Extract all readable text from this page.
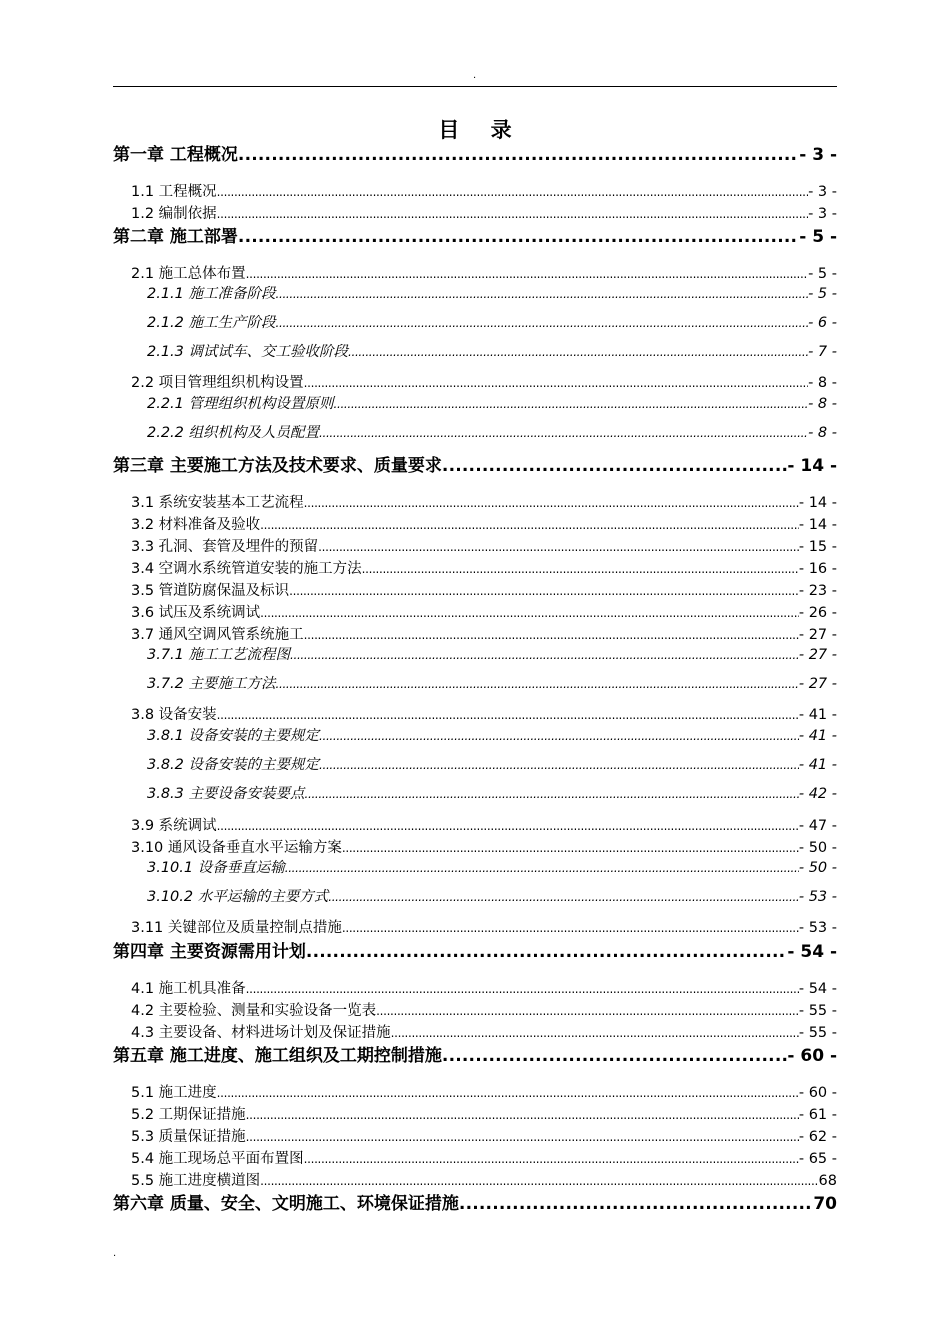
.
目 录
第一章 工程概况 .....	- 3 -
1.1 工程概况 .....	- 3 -
1.2 编制依据 .....	- 3 -
第二章 施工部署 .....	- 5 -
2.1 施工总体布置 .....	- 5 -
2.1.1 施工准备阶段 .....	- 5 -
2.1.2 施工生产阶段 .....	- 6 -
2.1.3 调试试车、交工验收阶段 .....	- 7 -
2.2 项目管理组织机构设置 .....	- 8 -
2.2.1 管理组织机构设置原则 .....	- 8 -
2.2.2 组织机构及人员配置 .....	- 8 -
第三章 主要施工方法及技术要求、质量要求 .....	- 14 -
3.1 系统安装基本工艺流程 .....	- 14 -
3.2 材料准备及验收 .....	- 14 -
3.3 孔洞、套管及埋件的预留 .....	- 15 -
3.4 空调水系统管道安装的施工方法 .....	- 16 -
3.5 管道防腐保温及标识 .....	- 23 -
3.6 试压及系统调试 .....	- 26 -
3.7 通风空调风管系统施工 .....	- 27 -
3.7.1 施工工艺流程图 .....	- 27 -
3.7.2 主要施工方法 .....	- 27 -
3.8 设备安装 .....	- 41 -
3.8.1 设备安装的主要规定 .....	- 41 -
3.8.2 设备安装的主要规定 .....	- 41 -
3.8.3 主要设备安装要点 .....	- 42 -
3.9 系统调试 .....	- 47 -
3.10 通风设备垂直水平运输方案 .....	- 50 -
3.10.1 设备垂直运输 .....	- 50 -
3.10.2 水平运输的主要方式 .....	- 53 -
3.11 关键部位及质量控制点措施 .....	- 53 -
第四章 主要资源需用计划 .....	- 54 -
4.1 施工机具准备 .....	- 54 -
4.2 主要检验、测量和实验设备一览表 .....	- 55 -
4.3 主要设备、材料进场计划及保证措施 .....	- 55 -
第五章 施工进度、施工组织及工期控制措施 .....	- 60 -
5.1 施工进度 .....	- 60 -
5.2 工期保证措施 .....	- 61 -
5.3 质量保证措施 .....	- 62 -
5.4 施工现场总平面布置图 .....	- 65 -
5.5 施工进度横道图 .....	68
第六章 质量、安全、文明施工、环境保证措施 .....	70
.
